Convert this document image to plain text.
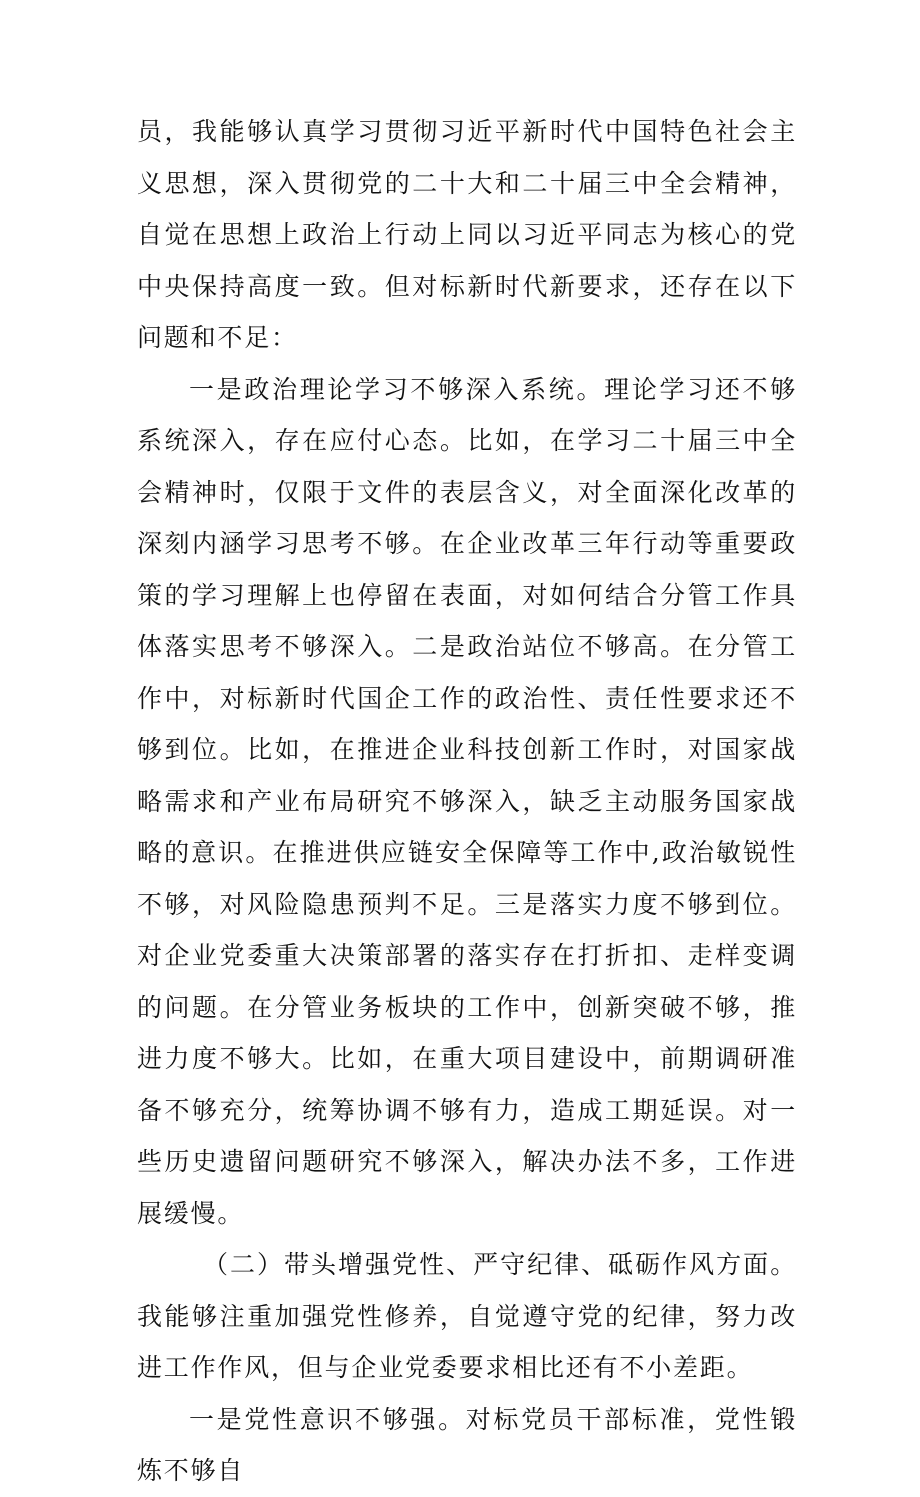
员，我能够认真学习贯彻习近平新时代中国特色社会主义思想，深入贯彻党的二十大和二十届三中全会精神，自觉在思想上政治上行动上同以习近平同志为核心的党中央保持高度一致。但对标新时代新要求，还存在以下问题和不足：

一是政治理论学习不够深入系统。理论学习还不够系统深入，存在应付心态。比如，在学习二十届三中全会精神时，仅限于文件的表层含义，对全面深化改革的深刻内涵学习思考不够。在企业改革三年行动等重要政策的学习理解上也停留在表面，对如何结合分管工作具体落实思考不够深入。二是政治站位不够高。在分管工作中，对标新时代国企工作的政治性、责任性要求还不够到位。比如，在推进企业科技创新工作时，对国家战略需求和产业布局研究不够深入，缺乏主动服务国家战略的意识。在推进供应链安全保障等工作中,政治敏锐性不够，对风险隐患预判不足。三是落实力度不够到位。对企业党委重大决策部署的落实存在打折扣、走样变调的问题。在分管业务板块的工作中，创新突破不够，推进力度不够大。比如，在重大项目建设中，前期调研准备不够充分，统筹协调不够有力，造成工期延误。对一些历史遗留问题研究不够深入，解决办法不多，工作进展缓慢。

（二）带头增强党性、严守纪律、砥砺作风方面。我能够注重加强党性修养，自觉遵守党的纪律，努力改进工作作风，但与企业党委要求相比还有不小差距。

一是党性意识不够强。对标党员干部标准，党性锻炼不够自
